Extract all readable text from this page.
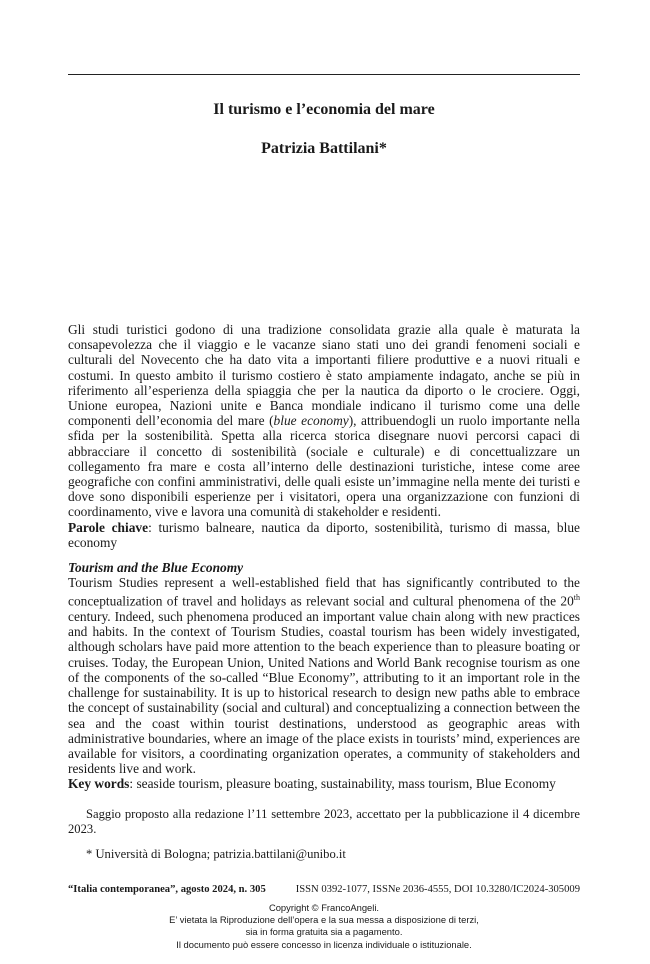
Il turismo e l’economia del mare
Patrizia Battilani*

Gli studi turistici godono di una tradizione consolidata grazie alla quale è maturata la consapevolezza che il viaggio e le vacanze siano stati uno dei grandi fenomeni sociali e culturali del Novecento che ha dato vita a importanti filiere produttive e a nuovi rituali e costumi. In questo ambito il turismo costiero è stato ampiamente indagato, anche se più in riferimento all’esperienza della spiaggia che per la nautica da diporto o le crociere. Oggi, Unione europea, Nazioni unite e Banca mondiale indicano il turismo come una delle componenti dell’economia del mare (blue economy), attribuendogli un ruolo importante nella sfida per la sostenibilità. Spetta alla ricerca storica disegnare nuovi percorsi capaci di abbracciare il concetto di sostenibilità (sociale e culturale) e di concettualizzare un collegamento fra mare e costa all’interno delle destinazioni turistiche, intese come aree geografiche con confini amministrativi, delle quali esiste un’immagine nella mente dei turisti e dove sono disponibili esperienze per i visitatori, opera una organizzazione con funzioni di coordinamento, vive e lavora una comunità di stakeholder e residenti.

Parole chiave: turismo balneare, nautica da diporto, sostenibilità, turismo di massa, blue economy

Tourism and the Blue Economy

Tourism Studies represent a well-established field that has significantly contributed to the conceptualization of travel and holidays as relevant social and cultural phenomena of the 20th century. Indeed, such phenomena produced an important value chain along with new practices and habits. In the context of Tourism Studies, coastal tourism has been widely investigated, although scholars have paid more attention to the beach experience than to pleasure boating or cruises. Today, the European Union, United Nations and World Bank recognise tourism as one of the components of the so-called “Blue Economy”, attributing to it an important role in the challenge for sustainability. It is up to historical research to design new paths able to embrace the concept of sustainability (social and cultural) and conceptualizing a connection between the sea and the coast within tourist destinations, understood as geographic areas with administrative boundaries, where an image of the place exists in tourists’ mind, experiences are available for visitors, a coordinating organization operates, a community of stakeholders and residents live and work.

Key words: seaside tourism, pleasure boating, sustainability, mass tourism, Blue Economy

Saggio proposto alla redazione l’11 settembre 2023, accettato per la pubblicazione il 4 dicembre 2023.

* Università di Bologna; patrizia.battilani@unibo.it

“Italia contemporanea”, agosto 2024, n. 305	ISSN 0392-1077, ISSNe 2036-4555, DOI 10.3280/IC2024-305009
Copyright © FrancoAngeli.
E’ vietata la Riproduzione dell’opera e la sua messa a disposizione di terzi,
sia in forma gratuita sia a pagamento.
Il documento può essere concesso in licenza individuale o istituzionale.
